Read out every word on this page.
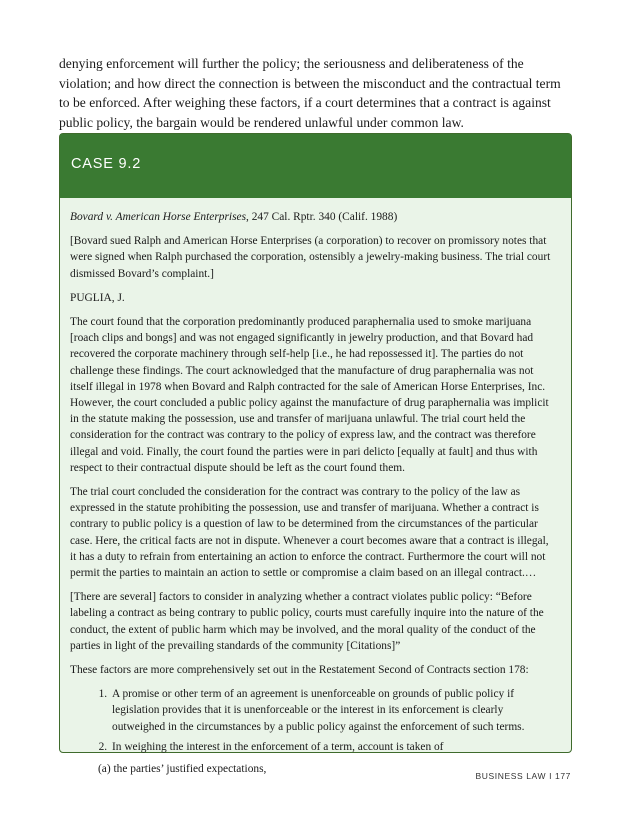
denying enforcement will further the policy; the seriousness and deliberateness of the violation; and how direct the connection is between the misconduct and the contractual term to be enforced. After weighing these factors, if a court determines that a contract is against public policy, the bargain would be rendered unlawful under common law.

CASE 9.2

Bovard v. American Horse Enterprises, 247 Cal. Rptr. 340 (Calif. 1988)

[Bovard sued Ralph and American Horse Enterprises (a corporation) to recover on promissory notes that were signed when Ralph purchased the corporation, ostensibly a jewelry-making business. The trial court dismissed Bovard’s complaint.]

PUGLIA, J.

The court found that the corporation predominantly produced paraphernalia used to smoke marijuana [roach clips and bongs] and was not engaged significantly in jewelry production, and that Bovard had recovered the corporate machinery through self-help [i.e., he had repossessed it]. The parties do not challenge these findings. The court acknowledged that the manufacture of drug paraphernalia was not itself illegal in 1978 when Bovard and Ralph contracted for the sale of American Horse Enterprises, Inc. However, the court concluded a public policy against the manufacture of drug paraphernalia was implicit in the statute making the possession, use and transfer of marijuana unlawful. The trial court held the consideration for the contract was contrary to the policy of express law, and the contract was therefore illegal and void. Finally, the court found the parties were in pari delicto [equally at fault] and thus with respect to their contractual dispute should be left as the court found them.

The trial court concluded the consideration for the contract was contrary to the policy of the law as expressed in the statute prohibiting the possession, use and transfer of marijuana. Whether a contract is contrary to public policy is a question of law to be determined from the circumstances of the particular case. Here, the critical facts are not in dispute. Whenever a court becomes aware that a contract is illegal, it has a duty to refrain from entertaining an action to enforce the contract. Furthermore the court will not permit the parties to maintain an action to settle or compromise a claim based on an illegal contract.…

[There are several] factors to consider in analyzing whether a contract violates public policy: “Before labeling a contract as being contrary to public policy, courts must carefully inquire into the nature of the conduct, the extent of public harm which may be involved, and the moral quality of the conduct of the parties in light of the prevailing standards of the community [Citations]”

These factors are more comprehensively set out in the Restatement Second of Contracts section 178:

1. A promise or other term of an agreement is unenforceable on grounds of public policy if legislation provides that it is unenforceable or the interest in its enforcement is clearly outweighed in the circumstances by a public policy against the enforcement of such terms.
2. In weighing the interest in the enforcement of a term, account is taken of
(a) the parties’ justified expectations,
BUSINESS LAW I 177
